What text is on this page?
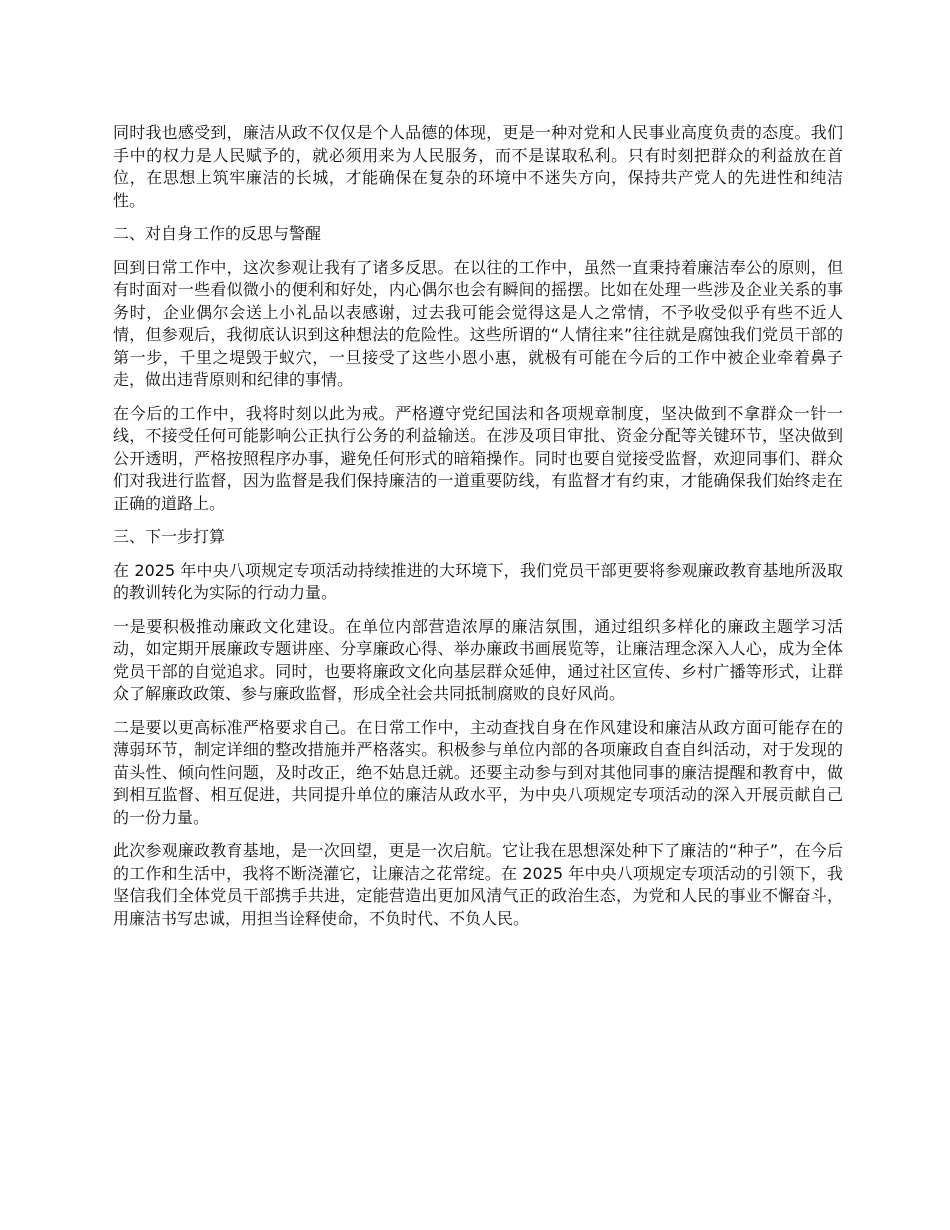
同时我也感受到，廉洁从政不仅仅是个人品德的体现，更是一种对党和人民事业高度负责的态度。我们手中的权力是人民赋予的，就必须用来为人民服务，而不是谋取私利。只有时刻把群众的利益放在首位，在思想上筑牢廉洁的长城，才能确保在复杂的环境中不迷失方向，保持共产党人的先进性和纯洁性。

二、对自身工作的反思与警醒

回到日常工作中，这次参观让我有了诸多反思。在以往的工作中，虽然一直秉持着廉洁奉公的原则，但有时面对一些看似微小的便利和好处，内心偶尔也会有瞬间的摇摆。比如在处理一些涉及企业关系的事务时，企业偶尔会送上小礼品以表感谢，过去我可能会觉得这是人之常情，不予收受似乎有些不近人情，但参观后，我彻底认识到这种想法的危险性。这些所谓的“人情往来”往往就是腐蚀我们党员干部的第一步，千里之堤毁于蚁穴，一旦接受了这些小恩小惠，就极有可能在今后的工作中被企业牵着鼻子走，做出违背原则和纪律的事情。

在今后的工作中，我将时刻以此为戒。严格遵守党纪国法和各项规章制度，坚决做到不拿群众一针一线，不接受任何可能影响公正执行公务的利益输送。在涉及项目审批、资金分配等关键环节，坚决做到公开透明，严格按照程序办事，避免任何形式的暗箱操作。同时也要自觉接受监督，欢迎同事们、群众们对我进行监督，因为监督是我们保持廉洁的一道重要防线，有监督才有约束，才能确保我们始终走在正确的道路上。

三、下一步打算

在 2025 年中央八项规定专项活动持续推进的大环境下，我们党员干部更要将参观廉政教育基地所汲取的教训转化为实际的行动力量。

一是要积极推动廉政文化建设。在单位内部营造浓厚的廉洁氛围，通过组织多样化的廉政主题学习活动，如定期开展廉政专题讲座、分享廉政心得、举办廉政书画展览等，让廉洁理念深入人心，成为全体党员干部的自觉追求。同时，也要将廉政文化向基层群众延伸，通过社区宣传、乡村广播等形式，让群众了解廉政政策、参与廉政监督，形成全社会共同抵制腐败的良好风尚。

二是要以更高标准严格要求自己。在日常工作中，主动查找自身在作风建设和廉洁从政方面可能存在的薄弱环节，制定详细的整改措施并严格落实。积极参与单位内部的各项廉政自查自纠活动，对于发现的苗头性、倾向性问题，及时改正，绝不姑息迁就。还要主动参与到对其他同事的廉洁提醒和教育中，做到相互监督、相互促进，共同提升单位的廉洁从政水平，为中央八项规定专项活动的深入开展贡献自己的一份力量。

此次参观廉政教育基地，是一次回望，更是一次启航。它让我在思想深处种下了廉洁的“种子”，在今后的工作和生活中，我将不断浇灌它，让廉洁之花常绽。在 2025 年中央八项规定专项活动的引领下，我坚信我们全体党员干部携手共进，定能营造出更加风清气正的政治生态，为党和人民的事业不懈奋斗，用廉洁书写忠诚，用担当诠释使命，不负时代、不负人民。
